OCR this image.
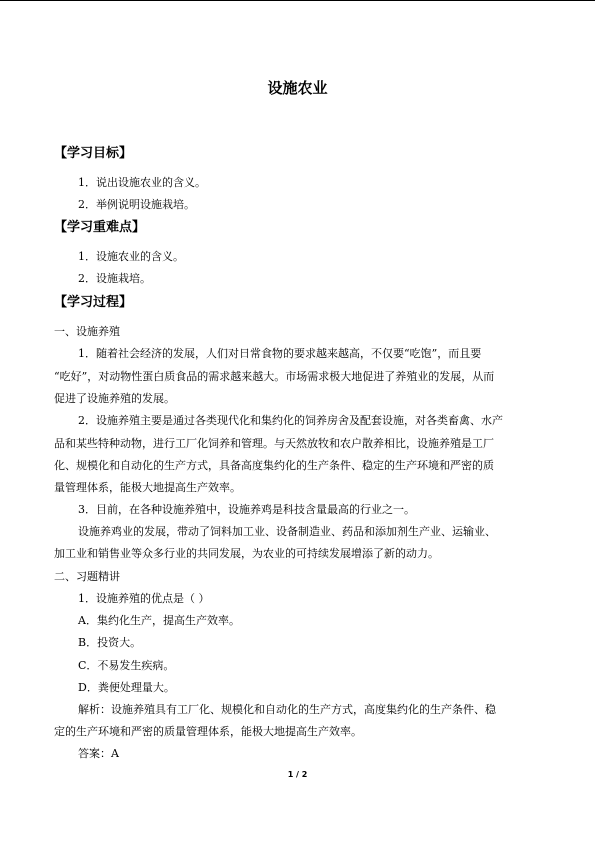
设施农业
【学习目标】
1．说出设施农业的含义。
2．举例说明设施栽培。
【学习重难点】
1．设施农业的含义。
2．设施栽培。
【学习过程】
一、设施养殖
1．随着社会经济的发展，人们对日常食物的要求越来越高，不仅要“吃饱”，而且要
“吃好”，对动物性蛋白质食品的需求越来越大。市场需求极大地促进了养殖业的发展，从而
促进了设施养殖的发展。
2．设施养殖主要是通过各类现代化和集约化的饲养房舍及配套设施，对各类畜禽、水产
品和某些特种动物，进行工厂化饲养和管理。与天然放牧和农户散养相比，设施养殖是工厂
化、规模化和自动化的生产方式，具备高度集约化的生产条件、稳定的生产环境和严密的质
量管理体系，能极大地提高生产效率。
3．目前，在各种设施养殖中，设施养鸡是科技含量最高的行业之一。
设施养鸡业的发展，带动了饲料加工业、设备制造业、药品和添加剂生产业、运输业、
加工业和销售业等众多行业的共同发展，为农业的可持续发展增添了新的动力。
二、习题精讲
1．设施养殖的优点是（ ）
A．集约化生产，提高生产效率。
B．投资大。
C．不易发生疾病。
D．粪便处理量大。
解析：设施养殖具有工厂化、规模化和自动化的生产方式，高度集约化的生产条件、稳
定的生产环境和严密的质量管理体系，能极大地提高生产效率。
答案：A
1 / 2
